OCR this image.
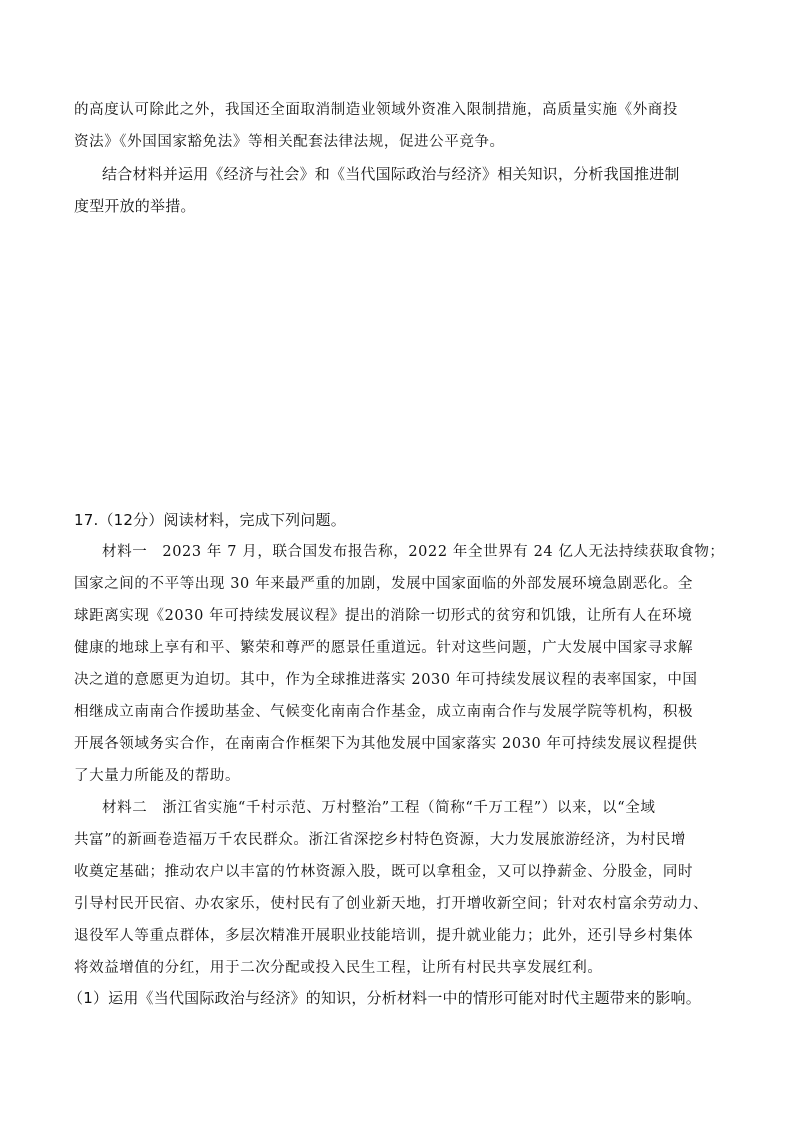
的高度认可除此之外，我国还全面取消制造业领域外资准入限制措施，高质量实施《外商投
资法》《外国国家豁免法》等相关配套法律法规，促进公平竞争。
结合材料并运用《经济与社会》和《当代国际政治与经济》相关知识，分析我国推进制
度型开放的举措。
17.（12分）阅读材料，完成下列问题。
材料一　2023 年 7 月，联合国发布报告称，2022 年全世界有 24 亿人无法持续获取食物；
国家之间的不平等出现 30 年来最严重的加剧，发展中国家面临的外部发展环境急剧恶化。全
球距离实现《2030 年可持续发展议程》提出的消除一切形式的贫穷和饥饿，让所有人在环境
健康的地球上享有和平、繁荣和尊严的愿景任重道远。针对这些问题，广大发展中国家寻求解
决之道的意愿更为迫切。其中，作为全球推进落实 2030 年可持续发展议程的表率国家，中国
相继成立南南合作援助基金、气候变化南南合作基金，成立南南合作与发展学院等机构，积极
开展各领域务实合作，在南南合作框架下为其他发展中国家落实 2030 年可持续发展议程提供
了大量力所能及的帮助。
材料二　浙江省实施“千村示范、万村整治”工程（简称“千万工程”）以来，以“全域
共富”的新画卷造福万千农民群众。浙江省深挖乡村特色资源，大力发展旅游经济，为村民增
收奠定基础；推动农户以丰富的竹林资源入股，既可以拿租金，又可以挣薪金、分股金，同时
引导村民开民宿、办农家乐，使村民有了创业新天地，打开增收新空间；针对农村富余劳动力、
退役军人等重点群体，多层次精准开展职业技能培训，提升就业能力；此外，还引导乡村集体
将效益增值的分红，用于二次分配或投入民生工程，让所有村民共享发展红利。
（1）运用《当代国际政治与经济》的知识，分析材料一中的情形可能对时代主题带来的影响。
